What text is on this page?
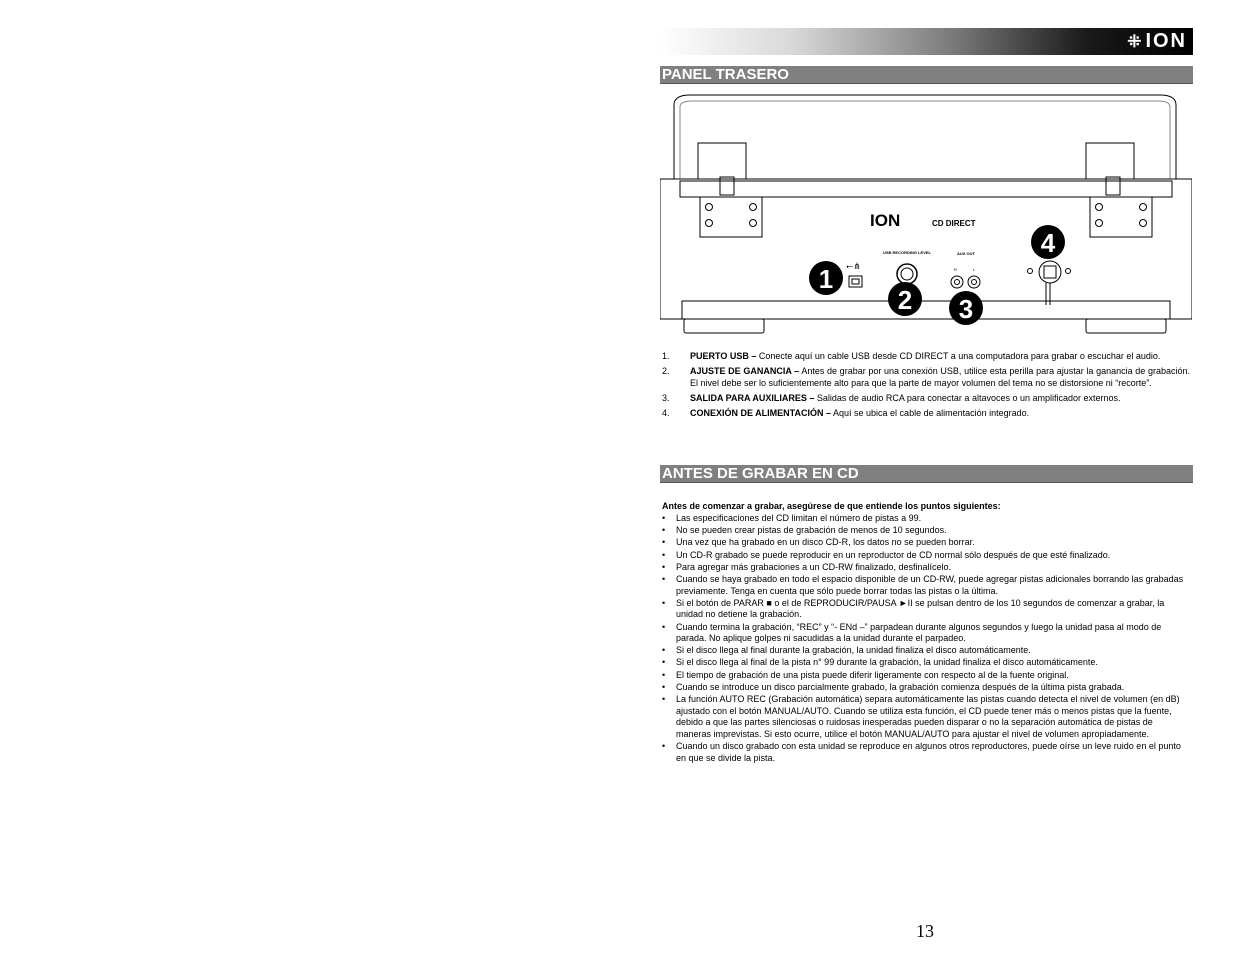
⁜ ION
PANEL TRASERO
⭠⋔
ION	CD DIRECT
USB RECORDING LEVEL	AUX OUT
R	L
1
2 3
4
1. PUERTO USB – Conecte aquí un cable USB desde CD DIRECT a una computadora para grabar o escuchar el audio.
2. AJUSTE DE GANANCIA – Antes de grabar por una conexión USB, utilice esta perilla para ajustar la ganancia de grabación. El nivel debe ser lo suficientemente alto para que la parte de mayor volumen del tema no se distorsione ni “recorte”.
3. SALIDA PARA AUXILIARES – Salidas de audio RCA para conectar a altavoces o un amplificador externos.
4. CONEXIÓN DE ALIMENTACIÓN – Aquí se ubica el cable de alimentación integrado.
ANTES DE GRABAR EN CD
Antes de comenzar a grabar, asegúrese de que entiende los puntos siguientes:
• Las especificaciones del CD limitan el número de pistas a 99.
• No se pueden crear pistas de grabación de menos de 10 segundos.
• Una vez que ha grabado en un disco CD-R, los datos no se pueden borrar.
• Un CD-R grabado se puede reproducir en un reproductor de CD normal sólo después de que esté finalizado.
• Para agregar más grabaciones a un CD-RW finalizado, desfinalícelo.
• Cuando se haya grabado en todo el espacio disponible de un CD-RW, puede agregar pistas adicionales borrando las grabadas previamente. Tenga en cuenta que sólo puede borrar todas las pistas o la última.
• Si el botón de PARAR ■ o el de REPRODUCIR/PAUSA ►II se pulsan dentro de los 10 segundos de comenzar a grabar, la unidad no detiene la grabación.
• Cuando termina la grabación, “REC” y “- ENd –” parpadean durante algunos segundos y luego la unidad pasa al modo de parada. No aplique golpes ni sacudidas a la unidad durante el parpadeo.
• Si el disco llega al final durante la grabación, la unidad finaliza el disco automáticamente.
• Si el disco llega al final de la pista n° 99 durante la grabación, la unidad finaliza el disco automáticamente.
• El tiempo de grabación de una pista puede diferir ligeramente con respecto al de la fuente original.
• Cuando se introduce un disco parcialmente grabado, la grabación comienza después de la última pista grabada.
• La función AUTO REC (Grabación automática) separa automáticamente las pistas cuando detecta el nivel de volumen (en dB) ajustado con el botón MANUAL/AUTO. Cuando se utiliza esta función, el CD puede tener más o menos pistas que la fuente, debido a que las partes silenciosas o ruidosas inesperadas pueden disparar o no la separación automática de pistas de maneras imprevistas. Si esto ocurre, utilice el botón MANUAL/AUTO para ajustar el nivel de volumen apropiadamente.
• Cuando un disco grabado con esta unidad se reproduce en algunos otros reproductores, puede oírse un leve ruido en el punto en que se divide la pista.
13
